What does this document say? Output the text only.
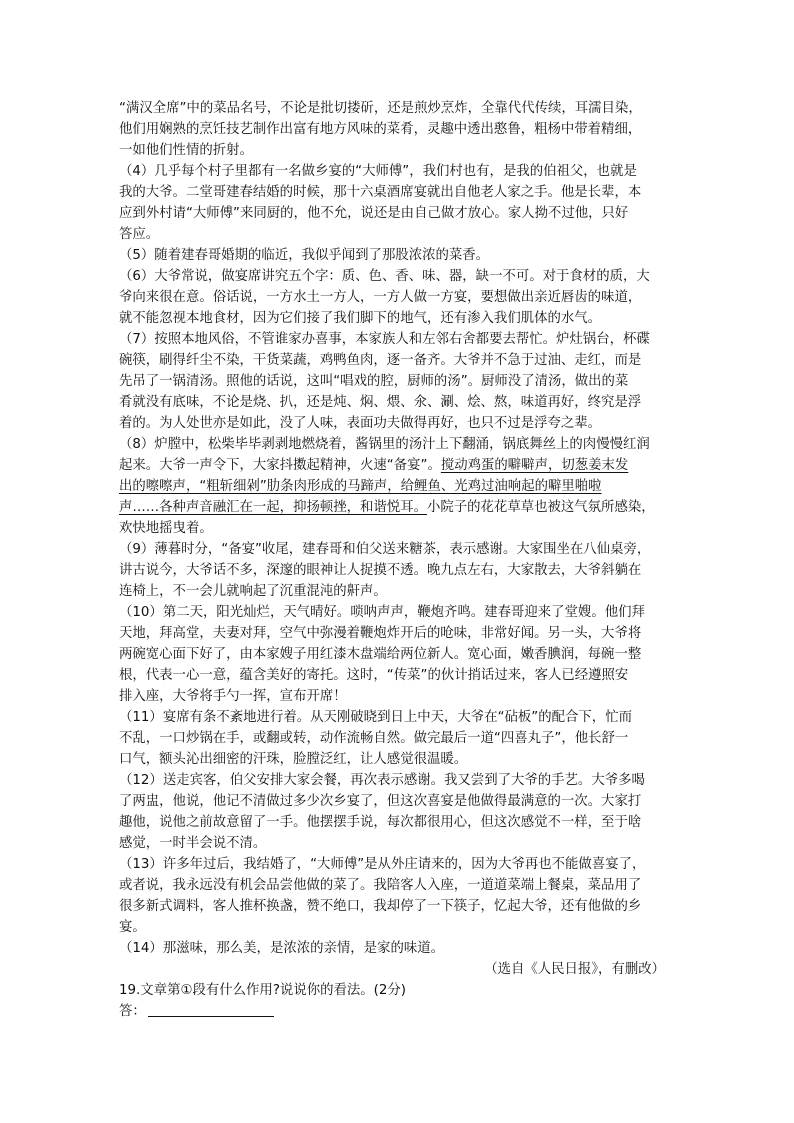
“满汉全席”中的菜品名号，不论是批切搂斫，还是煎炒烹炸，全靠代代传续，耳濡目染，
他们用娴熟的烹饪技艺制作出富有地方风味的菜肴，灵趣中透出憨鲁，粗杨中带着精细，
一如他们性情的折射。
（4）几乎每个村子里都有一名做乡宴的“大师傅”，我们村也有，是我的伯祖父，也就是
我的大爷。二堂哥建春结婚的时候，那十六桌酒席宴就出自他老人家之手。他是长辈，本
应到外村请“大师傅”来同厨的，他不允，说还是由自己做才放心。家人拗不过他，只好
答应。
（5）随着建春哥婚期的临近，我似乎闻到了那股浓浓的菜香。
（6）大爷常说，做宴席讲究五个字：质、色、香、味、器，缺一不可。对于食材的质，大
爷向来很在意。俗话说，一方水土一方人，一方人做一方宴，要想做出亲近唇齿的味道，
就不能忽视本地食材，因为它们接了我们脚下的地气，还有渗入我们肌体的水气。
（7）按照本地风俗，不管谁家办喜事，本家族人和左邻右舍都要去帮忙。炉灶锅台，杯碟
碗筷，刷得纤尘不染，干货菜蔬，鸡鸭鱼肉，逐一备齐。大爷并不急于过油、走红，而是
先吊了一锅清汤。照他的话说，这叫“唱戏的腔，厨师的汤”。厨师没了清汤，做出的菜
肴就没有底味，不论是烧、扒，还是炖、焖、煨、氽、涮、烩、熬，味道再好，终究是浮
着的。为人处世亦是如此，没了人味，表面功夫做得再好，也只不过是浮夸之辈。
（8）炉膛中，松柴毕毕剥剥地燃烧着，酱锅里的汤汁上下翻涌，锅底舞丝上的肉慢慢红润
起来。大爷一声令下，大家抖擞起精神，火速“备宴”。搅动鸡蛋的噼噼声，切葱姜末发
出的嚓嚓声，“粗斩细剁”肋条肉形成的马蹄声，给鲤鱼、光鸡过油响起的噼里啪啦
声……各种声音融汇在一起，抑扬顿挫，和谐悦耳。小院子的花花草草也被这气氛所感染，
欢快地摇曳着。
（9）薄暮时分，“备宴”收尾，建春哥和伯父送来糖茶，表示感谢。大家围坐在八仙桌旁，
讲古说今，大爷话不多，深邃的眼神让人捉摸不透。晚九点左右，大家散去，大爷斜躺在
连椅上，不一会儿就响起了沉重混沌的鼾声。
（10）第二天，阳光灿烂，天气晴好。唢呐声声，鞭炮齐鸣。建春哥迎来了堂嫂。他们拜
天地，拜高堂，夫妻对拜，空气中弥漫着鞭炮炸开后的呛味，非常好闻。另一头，大爷将
两碗宽心面下好了，由本家嫂子用红漆木盘端给两位新人。宽心面，嫩香腆润，每碗一整
根，代表一心一意，蕴含美好的寄托。这时，“传菜”的伙计捎话过来，客人已经遵照安
排入座，大爷将手勺一挥，宣布开席！
（11）宴席有条不紊地进行着。从天刚破晓到日上中天，大爷在“砧板”的配合下，忙而
不乱，一口炒锅在手，或翻或转，动作流畅自然。做完最后一道“四喜丸子”，他长舒一
口气，额头沁出细密的汗珠，脸膛泛红，让人感觉很温暖。
（12）送走宾客，伯父安排大家会餐，再次表示感谢。我又尝到了大爷的手艺。大爷多喝
了两盅，他说，他记不清做过多少次乡宴了，但这次喜宴是他做得最满意的一次。大家打
趣他，说他之前故意留了一手。他摆摆手说，每次都很用心，但这次感觉不一样，至于啥
感觉，一时半会说不清。
（13）许多年过后，我结婚了，“大师傅”是从外庄请来的，因为大爷再也不能做喜宴了，
或者说，我永远没有机会品尝他做的菜了。我陪客人入座，一道道菜端上餐桌，菜品用了
很多新式调料，客人推杯换盏，赞不绝口，我却停了一下筷子，忆起大爷，还有他做的乡
宴。
（14）那滋味，那么美，是浓浓的亲情，是家的味道。
（选自《人民日报》，有删改）
19.文章第①段有什么作用?说说你的看法。(2分)
答：
